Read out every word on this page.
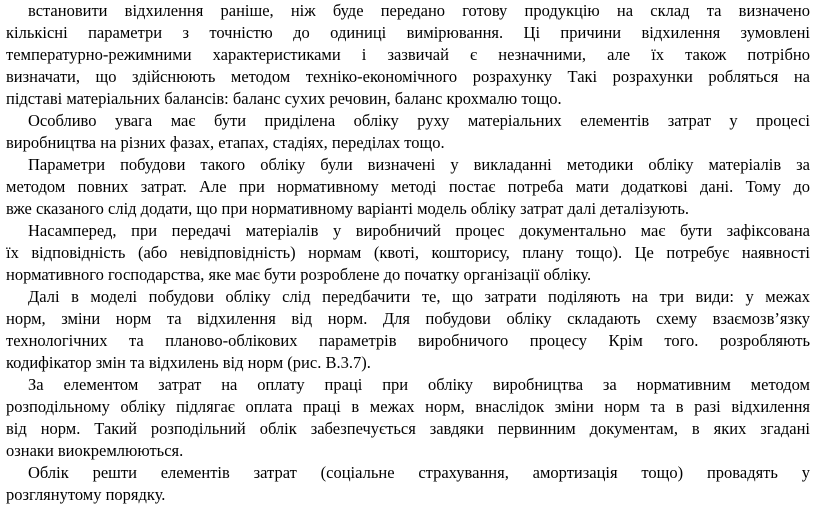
встановити відхилення раніше, ніж буде передано готову продукцію на склад та визначено
кількісні параметри з точністю до одиниці вимірювання. Ці причини відхилення зумовлені
температурно-режимними характеристиками і зазвичай є незначними, але їх також потрібно
визначати, що здійснюють методом техніко-економічного розрахунку Такі розрахунки робляться на
підставі матеріальних балансів: баланс сухих речовин, баланс крохмалю тощо.
Особливо увага має бути приділена обліку руху матеріальних елементів затрат у процесі
виробництва на різних фазах, етапах, стадіях, переділах тощо.
Параметри побудови такого обліку були визначені у викладанні методики обліку матеріалів за
методом повних затрат. Але при нормативному методі постає потреба мати додаткові дані. Тому до
вже сказаного слід додати, що при нормативному варіанті модель обліку затрат далі деталізують.
Насамперед, при передачі матеріалів у виробничий процес документально має бути зафіксована
їх відповідність (або невідповідність) нормам (квоті, кошторису, плану тощо). Це потребує наявності
нормативного господарства, яке має бути розроблене до початку організації обліку.
Далі в моделі побудови обліку слід передбачити те, що затрати поділяють на три види: у межах
норм, зміни норм та відхилення від норм. Для побудови обліку складають схему взаємозв’язку
технологічних та планово-облікових параметрів виробничого процесу Крім того. розробляють
кодифікатор змін та відхилень від норм (рис. В.3.7).
За елементом затрат на оплату праці при обліку виробництва за нормативним методом
розподільному обліку підлягає оплата праці в межах норм, внаслідок зміни норм та в разі відхилення
від норм. Такий розподільний облік забезпечується завдяки первинним документам, в яких згадані
ознаки виокремлюються.
Облік решти елементів затрат (соціальне страхування, амортизація тощо) провадять у
розглянутому порядку.
